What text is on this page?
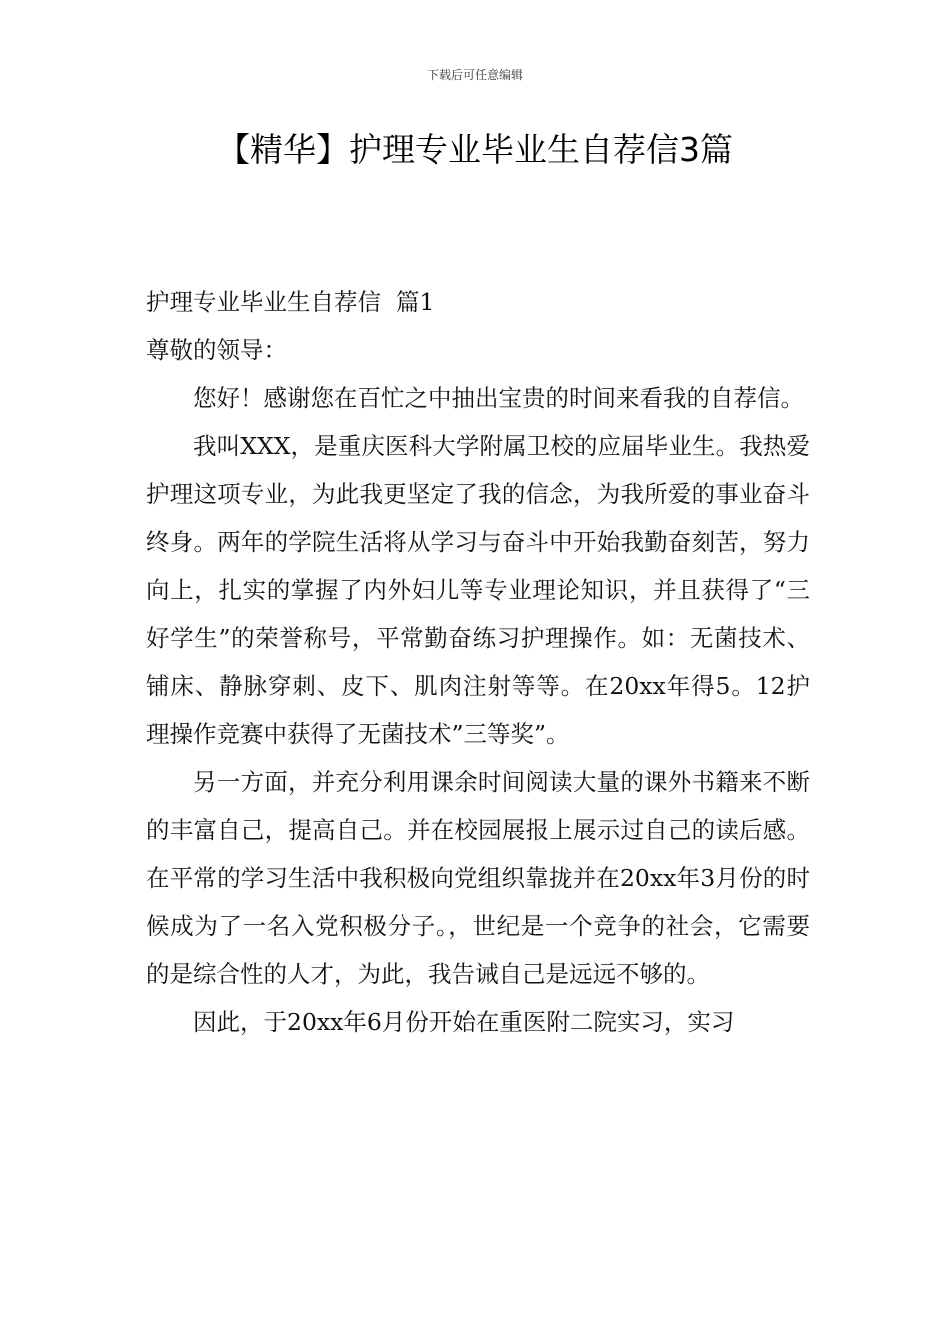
下载后可任意编辑
【精华】护理专业毕业生自荐信3篇

护理专业毕业生自荐信  篇1

尊敬的领导：

您好！感谢您在百忙之中抽出宝贵的时间来看我的自荐信。

我叫XXX，是重庆医科大学附属卫校的应届毕业生。我热爱护理这项专业，为此我更坚定了我的信念，为我所爱的事业奋斗终身。两年的学院生活将从学习与奋斗中开始我勤奋刻苦，努力向上，扎实的掌握了内外妇儿等专业理论知识，并且获得了“三好学生”的荣誉称号，平常勤奋练习护理操作。如：无菌技术、 铺床、静脉穿刺、皮下、肌肉注射等等。在20xx年得5。12护理操作竞赛中获得了无菌技术”三等奖”。

另一方面，并充分利用课余时间阅读大量的课外书籍来不断的丰富自己，提高自己。并在校园展报上展示过自己的读后感。在平常的学习生活中我积极向党组织靠拢并在20xx年3月份的时候成为了一名入党积极分子。，世纪是一个竞争的社会，它需要的是综合性的人才，为此，我告诫自己是远远不够的。

因此，于20xx年6月份开始在重医附二院实习，实习
